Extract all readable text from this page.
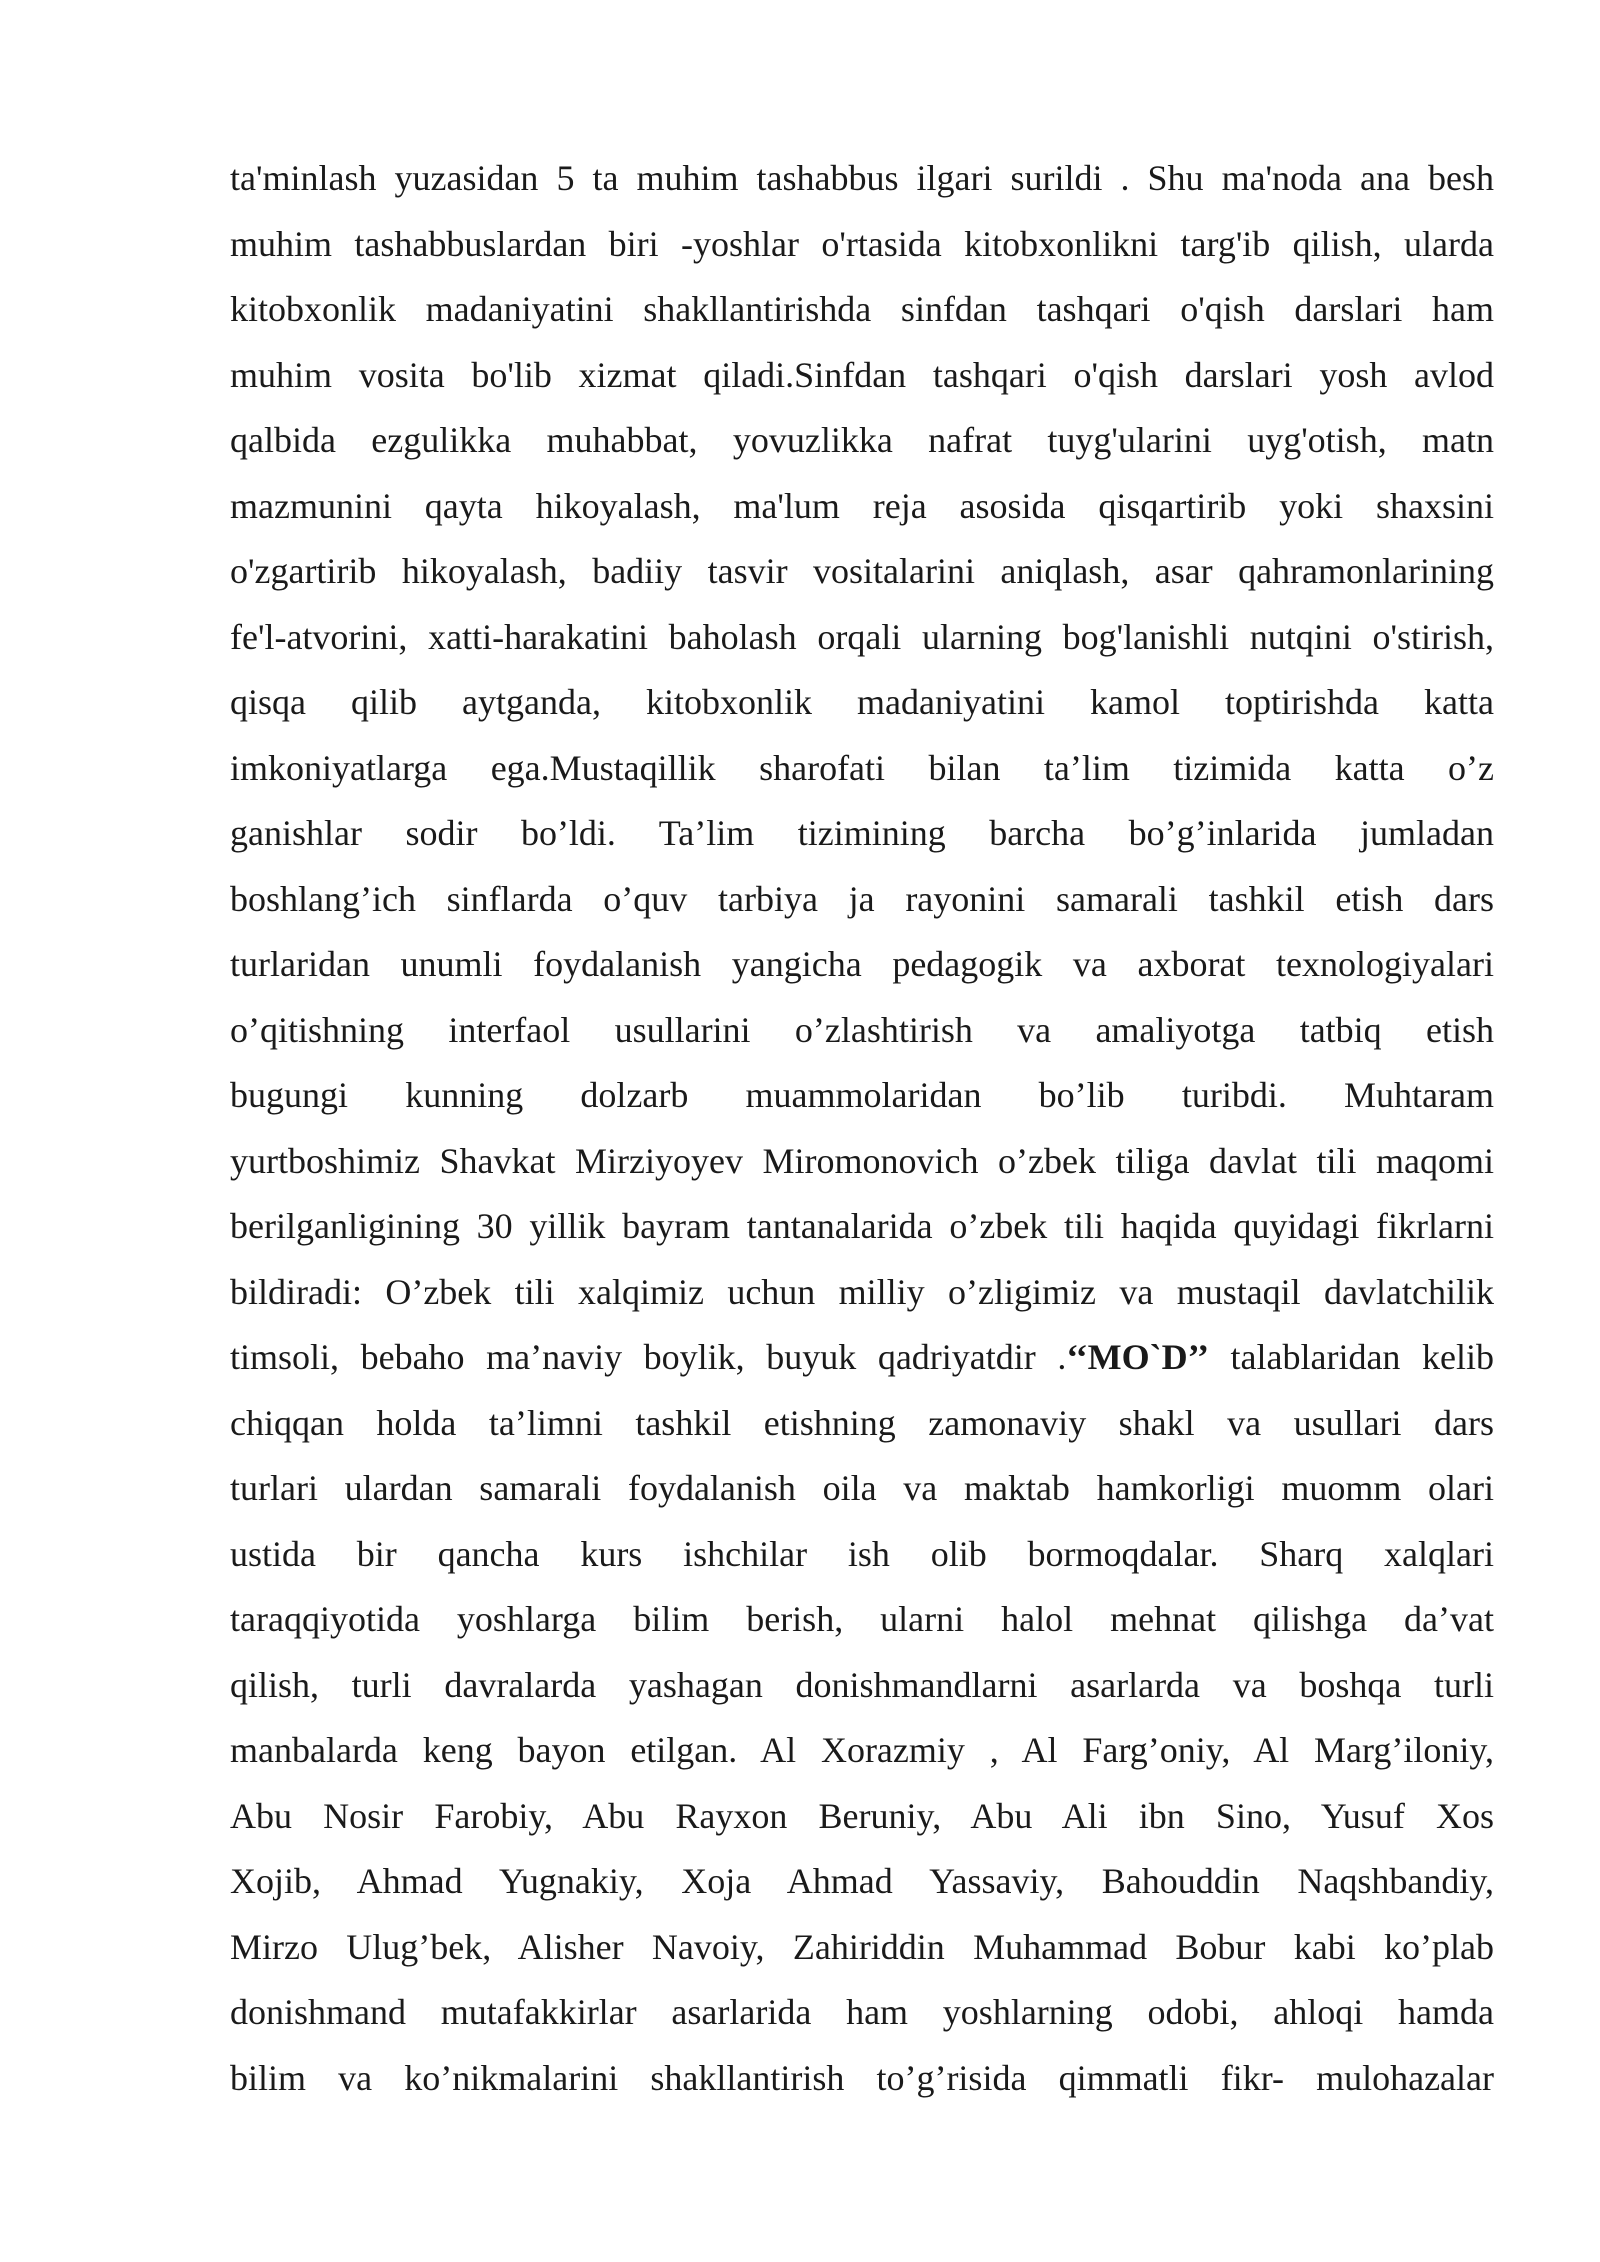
ta'minlash yuzasidan 5 ta muhim tashabbus ilgari surildi . Shu ma'noda ana besh
muhim tashabbuslardan biri -yoshlar o'rtasida kitobxonlikni targ'ib qilish, ularda
kitobxonlik madaniyatini shakllantirishda sinfdan tashqari o'qish darslari ham
muhim vosita bo'lib xizmat qiladi.Sinfdan tashqari o'qish darslari yosh avlod
qalbida ezgulikka muhabbat, yovuzlikka nafrat tuyg'ularini uyg'otish, matn
mazmunini qayta hikoyalash, ma'lum reja asosida qisqartirib yoki shaxsini
o'zgartirib hikoyalash, badiiy tasvir vositalarini aniqlash, asar qahramonlarining
fe'l-atvorini, xatti-harakatini baholash orqali ularning bog'lanishli nutqini o'stirish,
qisqa qilib aytganda, kitobxonlik madaniyatini kamol toptirishda katta
imkoniyatlarga ega.Mustaqillik sharofati bilan ta’lim tizimida katta o’z
ganishlar sodir bo’ldi. Ta’lim tizimining barcha bo’g’inlarida jumladan
boshlang’ich sinflarda o’quv tarbiya ja rayonini samarali tashkil etish dars
turlaridan unumli foydalanish yangicha pedagogik va axborat texnologiyalari
o’qitishning interfaol usullarini o’zlashtirish va amaliyotga tatbiq etish
bugungi kunning dolzarb muammolaridan bo’lib turibdi. Muhtaram
yurtboshimiz Shavkat Mirziyoyev Miromonovich o’zbek tiliga davlat tili maqomi
berilganligining 30 yillik bayram tantanalarida o’zbek tili haqida quyidagi fikrlarni
bildiradi: O’zbek tili xalqimiz uchun milliy o’zligimiz va mustaqil davlatchilik
timsoli, bebaho ma’naviy boylik, buyuk qadriyatdir .‘‘MO`D’’ talablaridan kelib
chiqqan holda ta’limni tashkil etishning zamonaviy shakl va usullari dars
turlari ulardan samarali foydalanish oila va maktab hamkorligi muomm olari
ustida bir qancha kurs ishchilar ish olib bormoqdalar. Sharq xalqlari
taraqqiyotida yoshlarga bilim berish, ularni halol mehnat qilishga da’vat
qilish, turli davralarda yashagan donishmandlarni asarlarda va boshqa turli
manbalarda keng bayon etilgan. Al Xorazmiy , Al Farg’oniy, Al Marg’iloniy,
Abu Nosir Farobiy, Abu Rayxon Beruniy, Abu Ali ibn Sino, Yusuf Xos
Xojib, Ahmad Yugnakiy, Xoja Ahmad Yassaviy, Bahouddin Naqshbandiy,
Mirzo Ulug’bek, Alisher Navoiy, Zahiriddin Muhammad Bobur kabi ko’plab
donishmand mutafakkirlar asarlarida ham yoshlarning odobi, ahloqi hamda
bilim va ko’nikmalarini shakllantirish to’g’risida qimmatli fikr- mulohazalar
